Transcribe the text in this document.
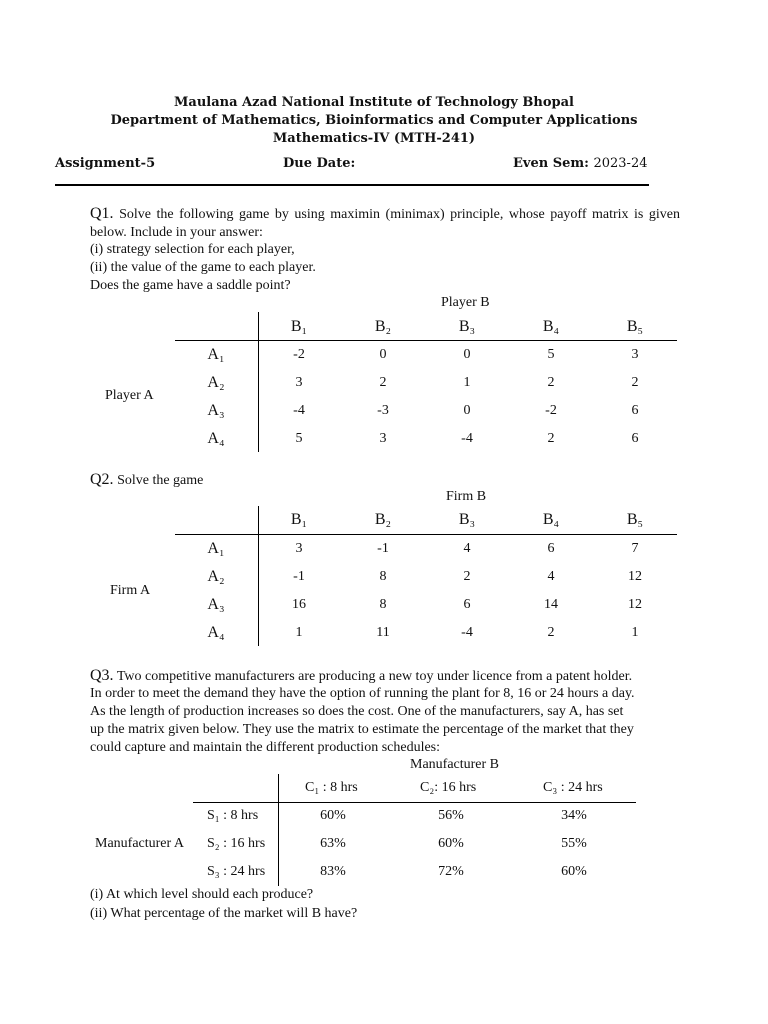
Maulana Azad National Institute of Technology Bhopal
Department of Mathematics, Bioinformatics and Computer Applications
Mathematics-IV (MTH-241)
Assignment-5	Due Date:	Even Sem: 2023-24
Q1. Solve the following game by using maximin (minimax) principle, whose payoff matrix is given below. Include in your answer:
(i) strategy selection for each player,
(ii) the value of the game to each player.
Does the game have a saddle point?
Player B
Player A
B₁	B₂	B₃	B₄	B₅
A₁	-2	0	0	5	3
A₂	3	2	1	2	2
A₃	-4	-3	0	-2	6
A₄	5	3	-4	2	6
Q2. Solve the game
Firm B
Firm A
B₁	B₂	B₃	B₄	B₅
A₁	3	-1	4	6	7
A₂	-1	8	2	4	12
A₃	16	8	6	14	12
A₄	1	11	-4	2	1
Q3. Two competitive manufacturers are producing a new toy under licence from a patent holder.
In order to meet the demand they have the option of running the plant for 8, 16 or 24 hours a day.
As the length of production increases so does the cost. One of the manufacturers, say A, has set
up the matrix given below. They use the matrix to estimate the percentage of the market that they
could capture and maintain the different production schedules:
Manufacturer B
Manufacturer A
C₁ : 8 hrs	C₂: 16 hrs	C₃ : 24 hrs
S₁ : 8 hrs	60%	56%	34%
S₂ : 16 hrs	63%	60%	55%
S₃ : 24 hrs	83%	72%	60%
(i) At which level should each produce?
(ii) What percentage of the market will B have?
